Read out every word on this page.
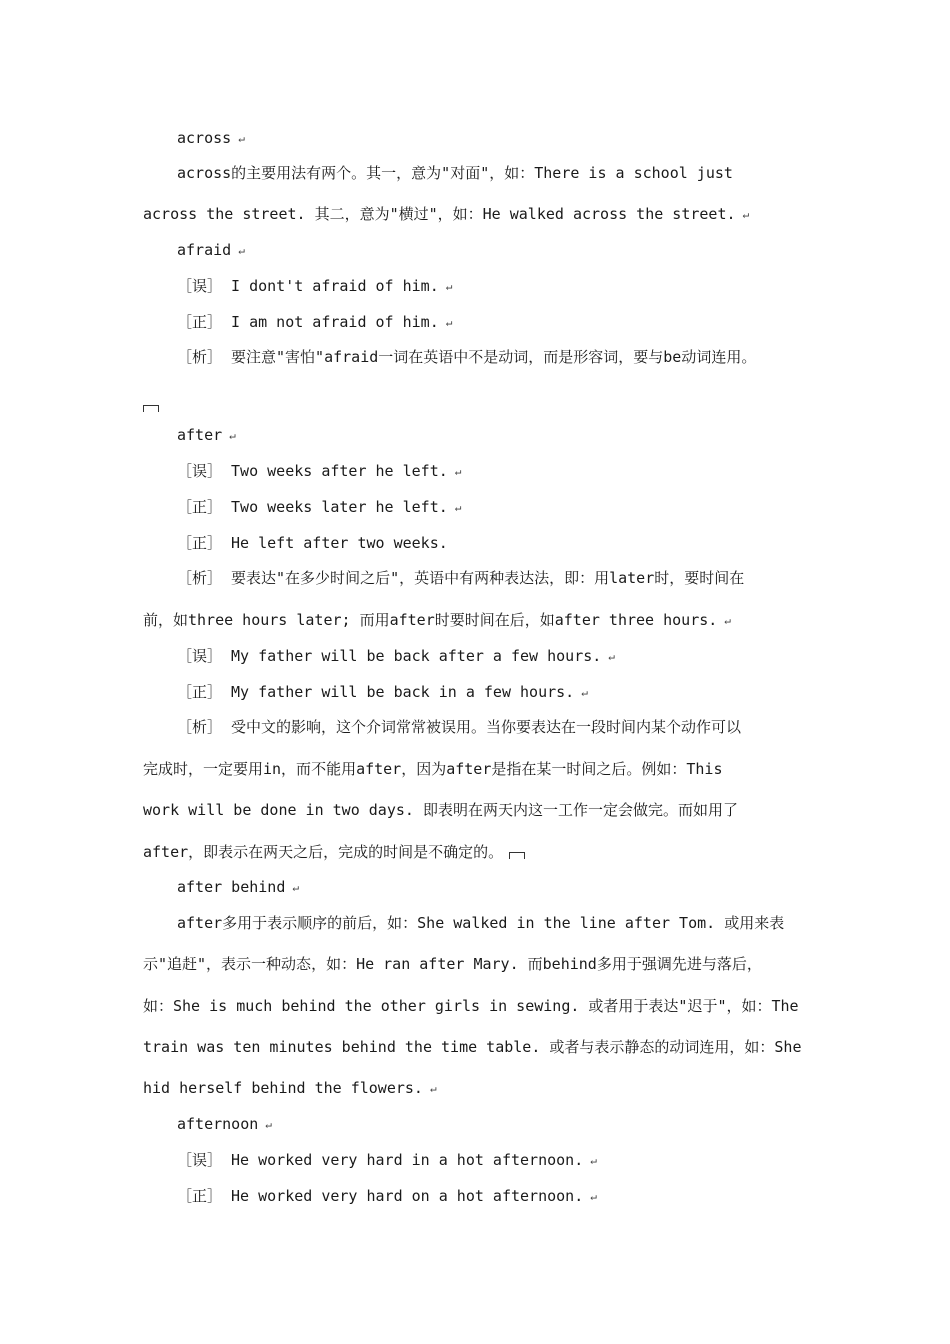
across ↵
across的主要用法有两个。其一，意为"对面"，如：There is a school just
across the street. 其二，意为"横过"，如：He walked across the street. ↵
afraid ↵
［误］ I dont't afraid of him. ↵
［正］ I am not afraid of him. ↵
［析］ 要注意"害怕"afraid一词在英语中不是动词，而是形容词，要与be动词连用。
after ↵
［误］ Two weeks after he left. ↵
［正］ Two weeks later he left. ↵
［正］ He left after two weeks.
［析］ 要表达"在多少时间之后"，英语中有两种表达法，即：用later时，要时间在
前，如three hours later; 而用after时要时间在后，如after three hours. ↵
［误］ My father will be back after a few hours. ↵
［正］ My father will be back in a few hours. ↵
［析］ 受中文的影响，这个介词常常被误用。当你要表达在一段时间内某个动作可以
完成时，一定要用in，而不能用after，因为after是指在某一时间之后。例如：This
work will be done in two days. 即表明在两天内这一工作一定会做完。而如用了
after，即表示在两天之后，完成的时间是不确定的。
after behind ↵
after多用于表示顺序的前后，如：She walked in the line after Tom. 或用来表
示"追赶"，表示一种动态，如：He ran after Mary. 而behind多用于强调先进与落后，
如：She is much behind the other girls in sewing. 或者用于表达"迟于"，如：The
train was ten minutes behind the time table. 或者与表示静态的动词连用，如：She
hid herself behind the flowers. ↵
afternoon ↵
［误］ He worked very hard in a hot afternoon. ↵
［正］ He worked very hard on a hot afternoon. ↵
